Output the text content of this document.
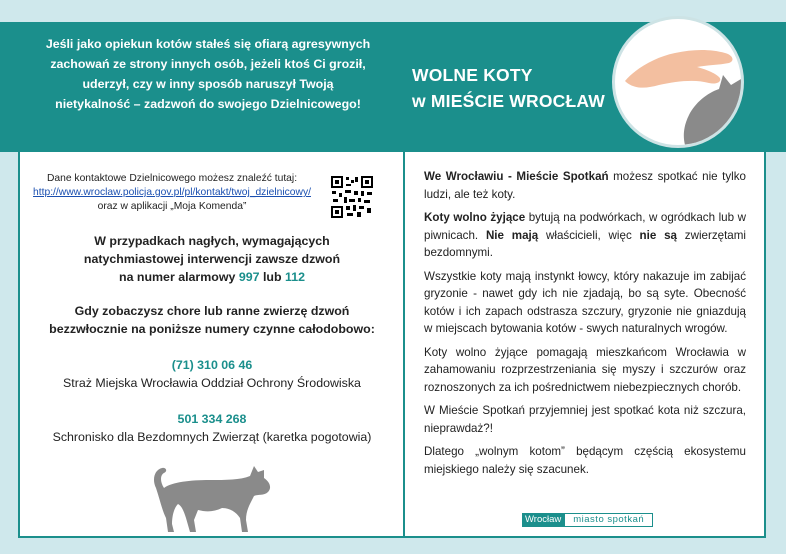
Jeśli jako opiekun kotów stałeś się ofiarą agresywnych
zachowań ze strony innych osób, jeżeli ktoś Ci groził,
uderzył, czy w inny sposób naruszył Twoją
nietykalność – zadzwoń do swojego Dzielnicowego!
WOLNE KOTY
w MIEŚCIE WROCŁAW
Dane kontaktowe Dzielnicowego możesz znaleźć tutaj:
http://www.wroclaw.policja.gov.pl/pl/kontakt/twoj_dzielnicowy/
oraz w aplikacji „Moja Komenda”
W przypadkach nagłych, wymagających
natychmiastowej interwencji zawsze dzwoń
na numer alarmowy 997 lub 112
Gdy zobaczysz chore lub ranne zwierzę dzwoń
bezzwłocznie na poniższe numery czynne całodobowo:
(71) 310 06 46
Straż Miejska Wrocławia Oddział Ochrony Środowiska
501 334 268
Schronisko dla Bezdomnych Zwierząt (karetka pogotowia)

We Wrocławiu - Mieście Spotkań możesz spotkać nie tylko ludzi, ale też koty.

Koty wolno żyjące bytują na podwórkach, w ogródkach lub w piwnicach. Nie mają właścicieli, więc nie są zwierzętami bezdomnymi.

Wszystkie koty mają instynkt łowcy, który nakazuje im zabijać gryzonie - nawet gdy ich nie zjadają, bo są syte. Obecność kotów i ich zapach odstrasza szczury, gryzonie nie gniazdują w miejscach bytowania kotów - swych naturalnych wrogów.

Koty wolno żyjące pomagają mieszkańcom Wrocławia w zahamowaniu rozprzestrzeniania się myszy i szczurów oraz roznoszonych za ich pośrednictwem niebezpiecznych chorób.

W Mieście Spotkań przyjemniej jest spotkać kota niż szczura, nieprawdaż?!

Dlatego „wolnym kotom” będącym częścią ekosystemu miejskiego należy się szacunek.

Wrocław	miasto spotkań
